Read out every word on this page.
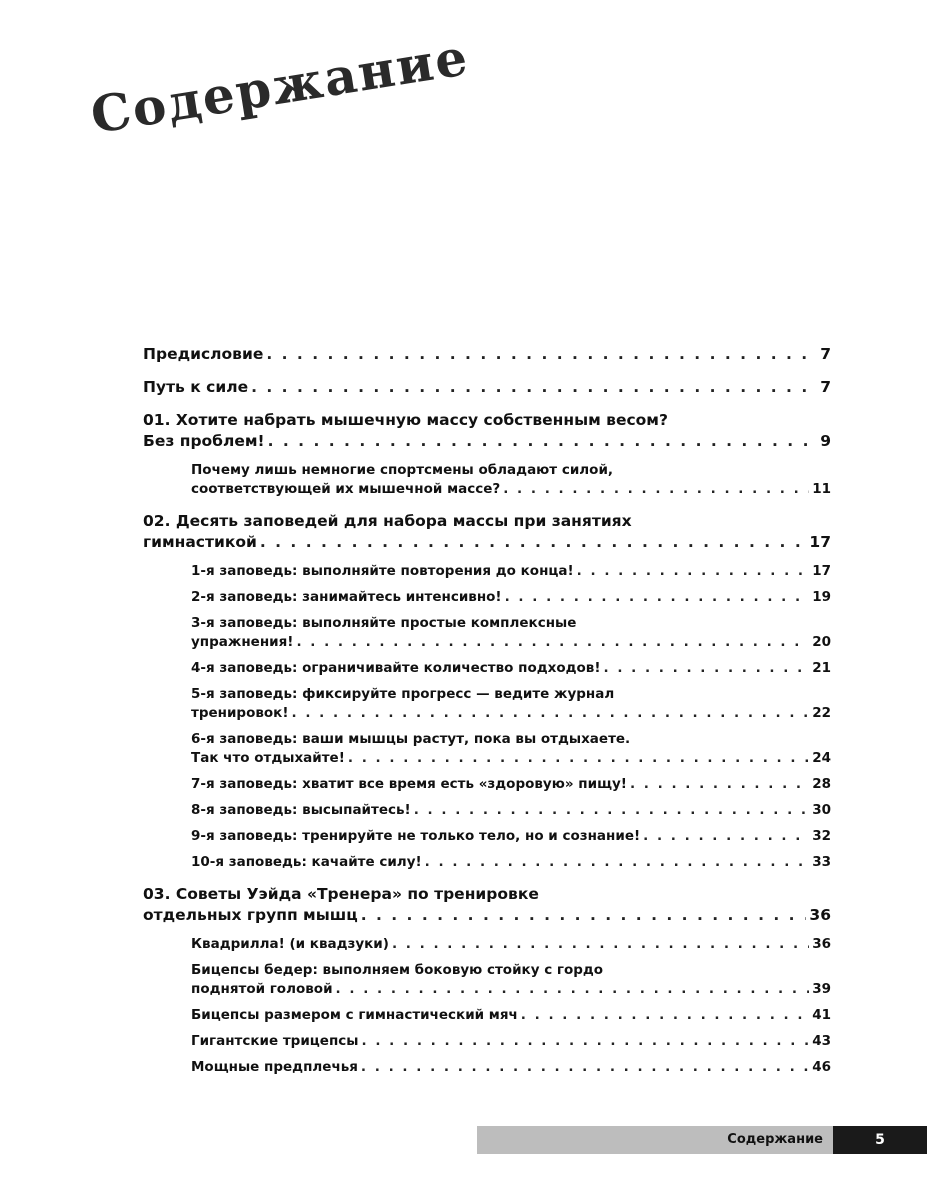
Содержание
Предисловие . . .	7
Путь к силе . . .	7
01. Хотите набрать мышечную массу собственным весом?
Без проблем! . . .	9
Почему лишь немногие спортсмены обладают силой,
соответствующей их мышечной массе? . . .	11
02. Десять заповедей для набора массы при занятиях
гимнастикой . . .	17
1-я заповедь: выполняйте повторения до конца! . . .	17
2-я заповедь: занимайтесь интенсивно! . . .	19
3-я заповедь: выполняйте простые комплексные
упражнения! . . .	20
4-я заповедь: ограничивайте количество подходов! . . .	21
5-я заповедь: фиксируйте прогресс — ведите журнал
тренировок! . . .	22
6-я заповедь: ваши мышцы растут, пока вы отдыхаете.
Так что отдыхайте! . . .	24
7-я заповедь: хватит все время есть «здоровую» пищу! . . .	28
8-я заповедь: высыпайтесь! . . .	30
9-я заповедь: тренируйте не только тело, но и сознание! . . .	32
10-я заповедь: качайте силу! . . .	33
03. Советы Уэйда «Тренера» по тренировке
отдельных групп мышц . . .	36
Квадрилла! (и квадзуки) . . .	36
Бицепсы бедер: выполняем боковую стойку с гордо
поднятой головой . . .	39
Бицепсы размером с гимнастический мяч . . .	41
Гигантские трицепсы . . .	43
Мощные предплечья . . .	46
Содержание	5
